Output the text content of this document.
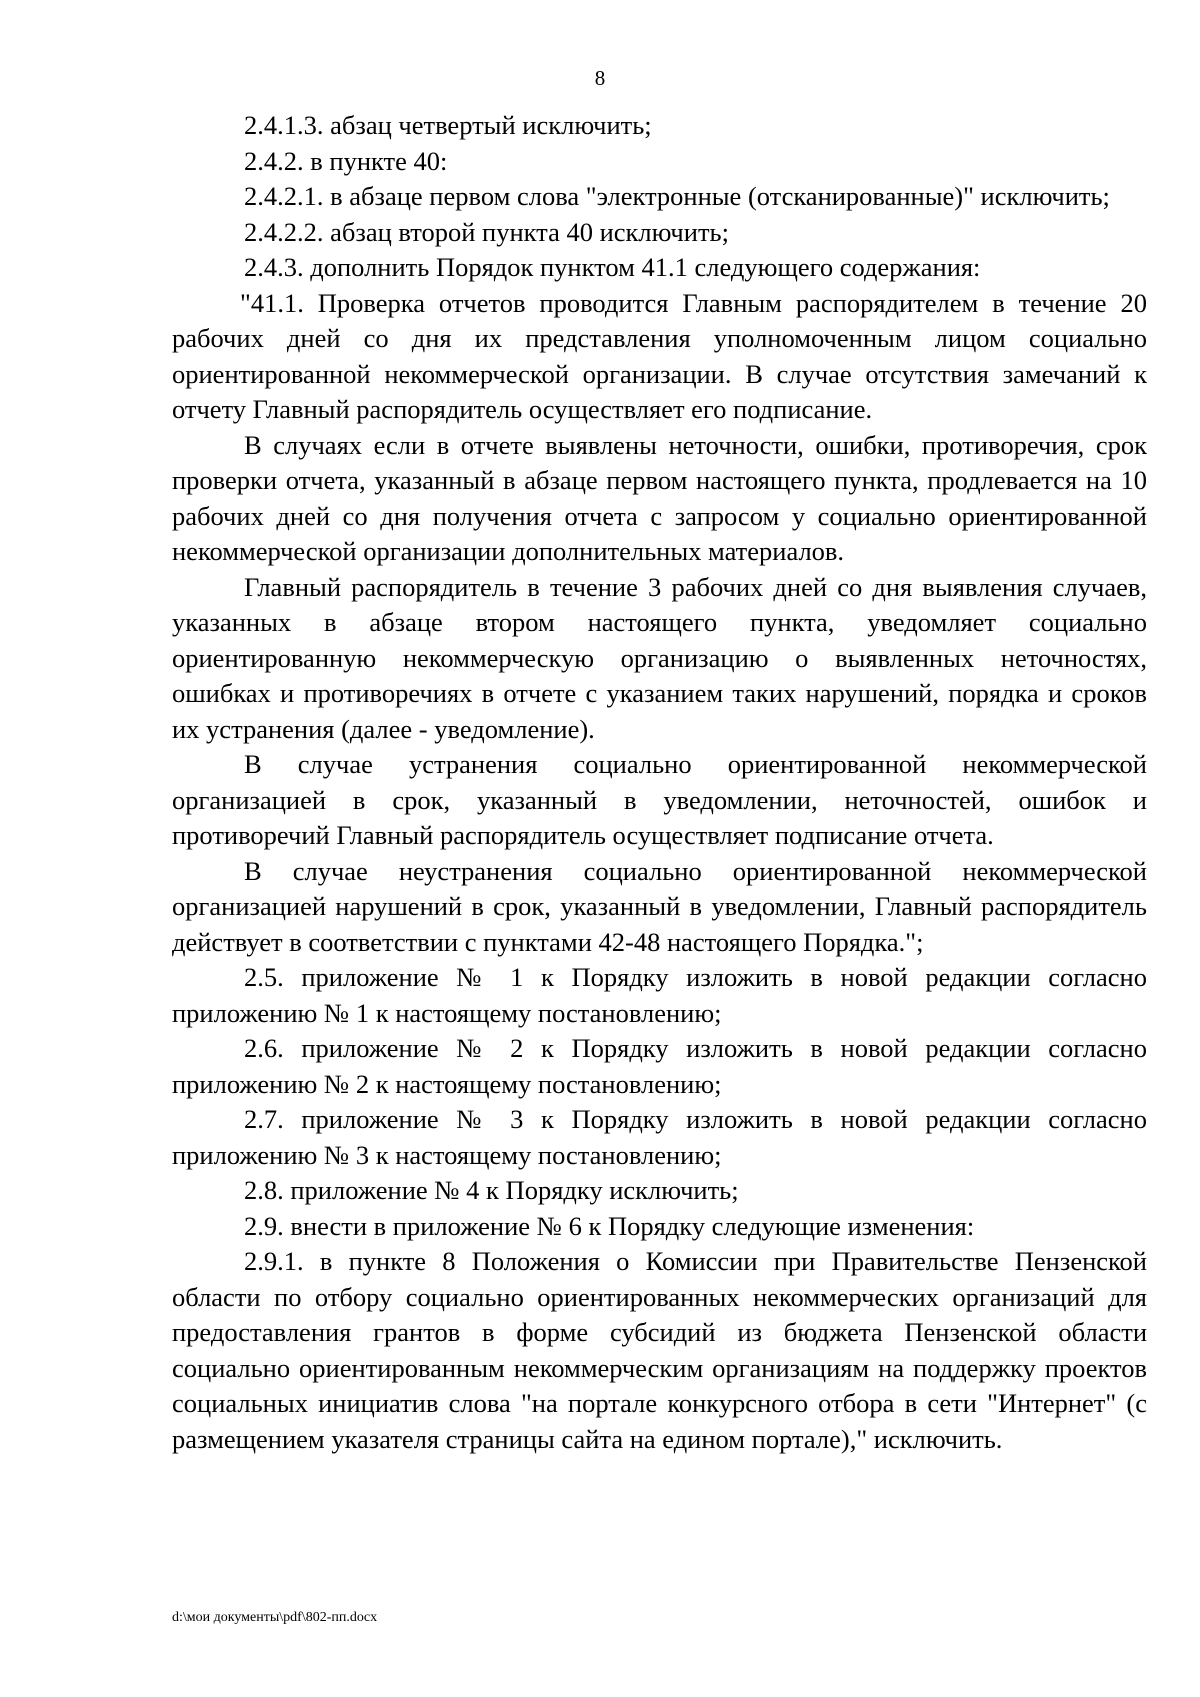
8

2.4.1.3. абзац четвертый исключить;

2.4.2. в пункте 40:

2.4.2.1. в абзаце первом слова "электронные (отсканированные)" исключить;

2.4.2.2. абзац второй пункта 40 исключить;

2.4.3. дополнить Порядок пунктом 41.1 следующего содержания:

"41.1. Проверка отчетов проводится Главным распорядителем в течение 20 рабочих дней со дня их представления уполномоченным лицом социально ориентированной некоммерческой организации. В случае отсутствия замечаний к отчету Главный распорядитель осуществляет его подписание.

В случаях если в отчете выявлены неточности, ошибки, противоречия, срок проверки отчета, указанный в абзаце первом настоящего пункта, продлевается на 10 рабочих дней со дня получения отчета с запросом у социально ориентированной некоммерческой организации дополнительных материалов.

Главный распорядитель в течение 3 рабочих дней со дня выявления случаев, указанных в абзаце втором настоящего пункта, уведомляет социально ориентированную некоммерческую организацию о выявленных неточностях, ошибках и противоречиях в отчете с указанием таких нарушений, порядка и сроков их устранения (далее - уведомление).

В случае устранения социально ориентированной некоммерческой организацией в срок, указанный в уведомлении, неточностей, ошибок и противоречий Главный распорядитель осуществляет подписание отчета.

В случае неустранения социально ориентированной некоммерческой организацией нарушений в срок, указанный в уведомлении, Главный распорядитель действует в соответствии с пунктами 42-48 настоящего Порядка.";

2.5. приложение № 1 к Порядку изложить в новой редакции согласно приложению № 1 к настоящему постановлению;

2.6. приложение № 2 к Порядку изложить в новой редакции согласно приложению № 2 к настоящему постановлению;

2.7. приложение № 3 к Порядку изложить в новой редакции согласно приложению № 3 к настоящему постановлению;

2.8. приложение № 4 к Порядку исключить;

2.9. внести в приложение № 6 к Порядку следующие изменения:

2.9.1. в пункте 8 Положения о Комиссии при Правительстве Пензенской области по отбору социально ориентированных некоммерческих организаций для предоставления грантов в форме субсидий из бюджета Пензенской области социально ориентированным некоммерческим организациям на поддержку проектов социальных инициатив слова "на портале конкурсного отбора в сети "Интернет" (с размещением указателя страницы сайта на едином портале)," исключить.

d:\мои документы\pdf\802-пп.docx
